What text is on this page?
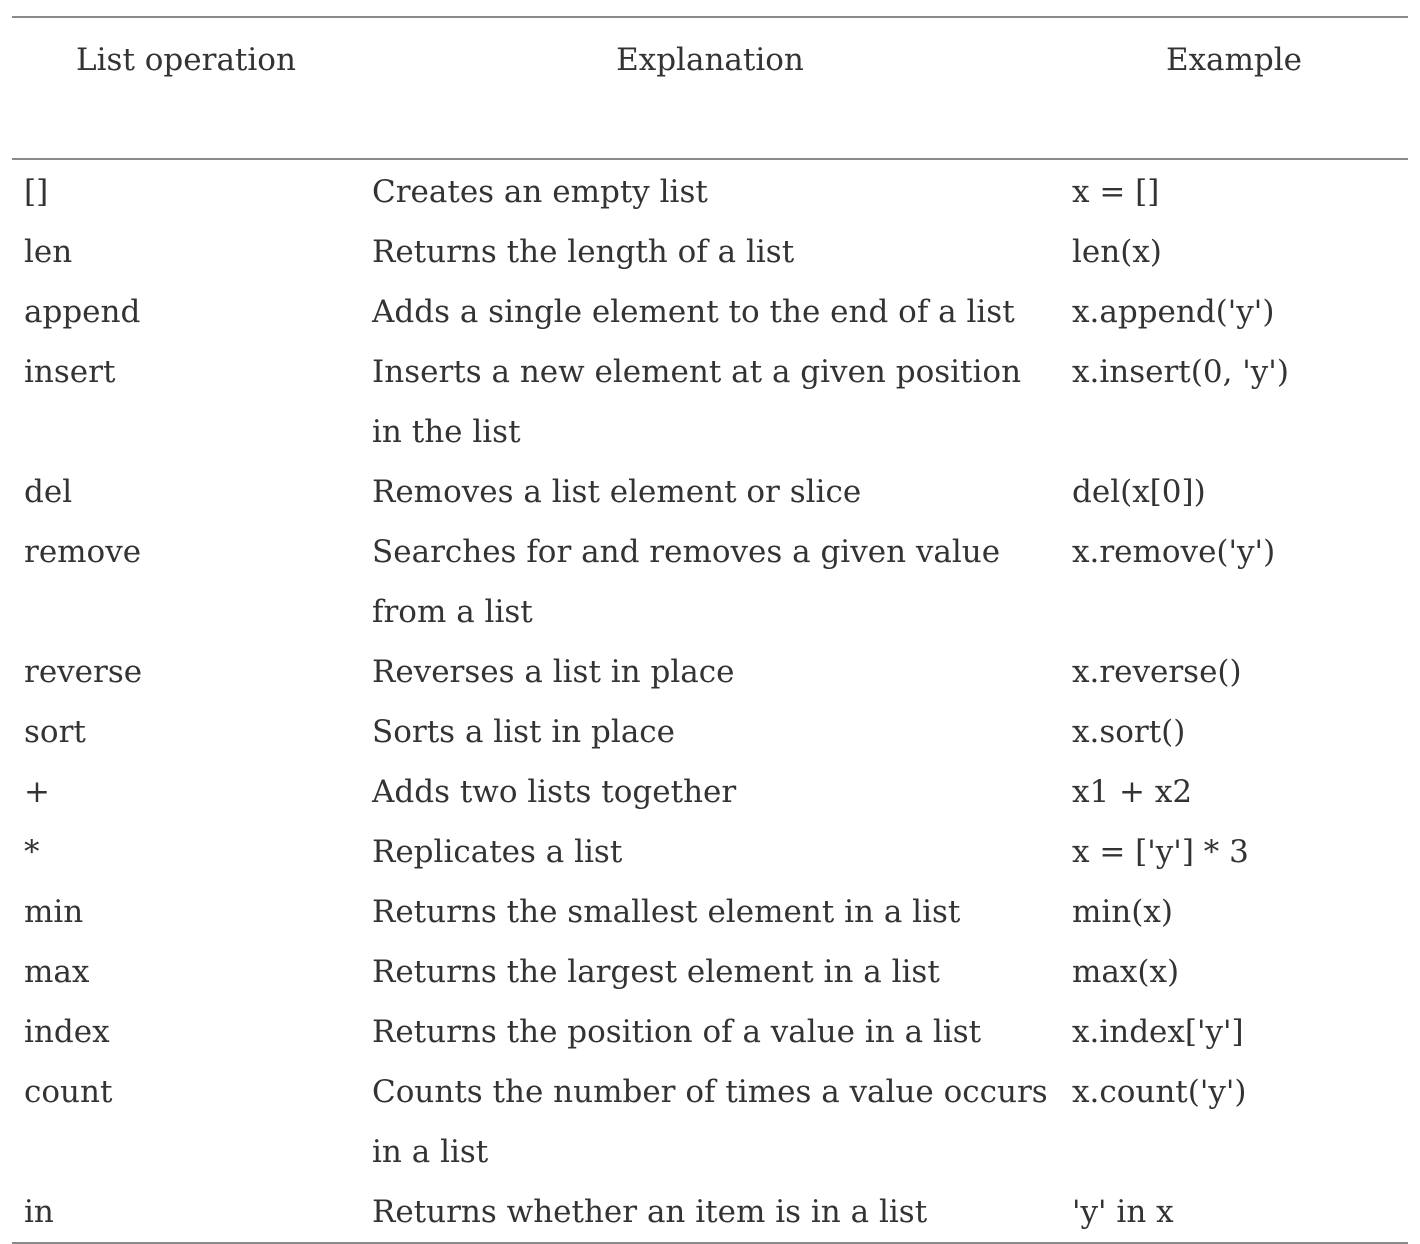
List operation	Explanation	Example
[]	Creates an empty list	x = []
len	Returns the length of a list	len(x)
append	Adds a single element to the end of a list	x.append('y')
insert	Inserts a new element at a given position in the list	x.insert(0, 'y')
del	Removes a list element or slice	del(x[0])
remove	Searches for and removes a given value from a list	x.remove('y')
reverse	Reverses a list in place	x.reverse()
sort	Sorts a list in place	x.sort()
+	Adds two lists together	x1 + x2
*	Replicates a list	x = ['y'] * 3
min	Returns the smallest element in a list	min(x)
max	Returns the largest element in a list	max(x)
index	Returns the position of a value in a list	x.index['y']
count	Counts the number of times a value occurs in a list	x.count('y')
in	Returns whether an item is in a list	'y' in x
